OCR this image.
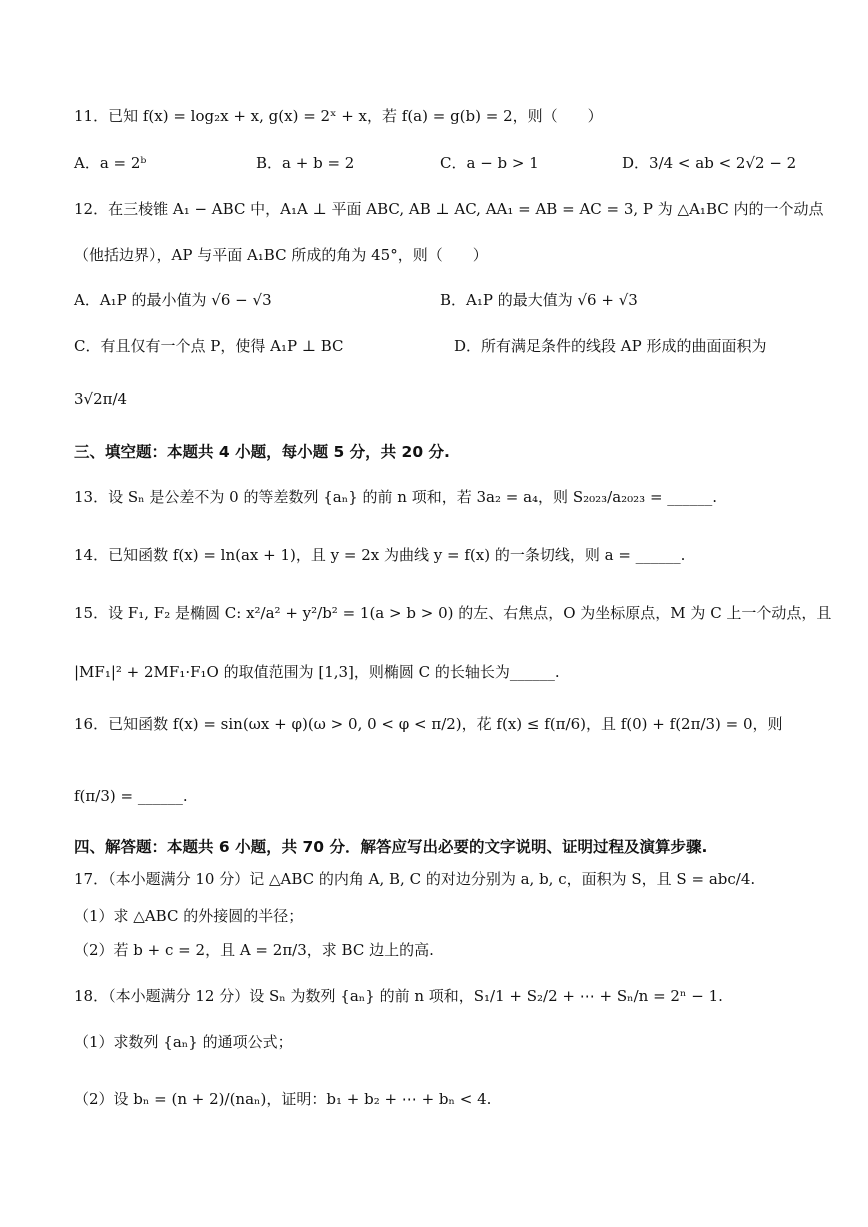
11．已知 f(x) = log₂x + x, g(x) = 2ˣ + x，若 f(a) = g(b) = 2，则（　　）
A．a = 2ᵇ	B．a + b = 2	C．a − b > 1	D．3/4 < ab < 2√2 − 2
12．在三棱锥 A₁ − ABC 中，A₁A ⊥ 平面 ABC, AB ⊥ AC, AA₁ = AB = AC = 3, P 为 △A₁BC 内的一个动点
（他括边界），AP 与平面 A₁BC 所成的角为 45°，则（　　）
A．A₁P 的最小值为 √6 − √3	B．A₁P 的最大值为 √6 + √3
C．有且仅有一个点 P，使得 A₁P ⊥ BC	D．所有满足条件的线段 AP 形成的曲面面积为
3√2π/4
三、填空题：本题共 4 小题，每小题 5 分，共 20 分.
13．设 Sₙ 是公差不为 0 的等差数列 {aₙ} 的前 n 项和，若 3a₂ = a₄，则 S₂₀₂₃/a₂₀₂₃ = ______.
14．已知函数 f(x) = ln(ax + 1)，且 y = 2x 为曲线 y = f(x) 的一条切线，则 a = ______.
15．设 F₁, F₂ 是椭圆 C: x²/a² + y²/b² = 1(a > b > 0) 的左、右焦点，O 为坐标原点，M 为 C 上一个动点，且
|MF₁|² + 2MF₁·F₁O 的取值范围为 [1,3]，则椭圆 C 的长轴长为______.
16．已知函数 f(x) = sin(ωx + φ)(ω > 0, 0 < φ < π/2)，花 f(x) ≤ f(π/6)，且 f(0) + f(2π/3) = 0，则
f(π/3) = ______.
四、解答题：本题共 6 小题，共 70 分．解答应写出必要的文字说明、证明过程及演算步骤.
17．（本小题满分 10 分）记 △ABC 的内角 A, B, C 的对边分别为 a, b, c，面积为 S，且 S = abc/4.
（1）求 △ABC 的外接圆的半径；
（2）若 b + c = 2，且 A = 2π/3，求 BC 边上的高.
18．（本小题满分 12 分）设 Sₙ 为数列 {aₙ} 的前 n 项和，S₁/1 + S₂/2 + ⋯ + Sₙ/n = 2ⁿ − 1.
（1）求数列 {aₙ} 的通项公式；
（2）设 bₙ = (n + 2)/(naₙ)，证明：b₁ + b₂ + ⋯ + bₙ < 4.
